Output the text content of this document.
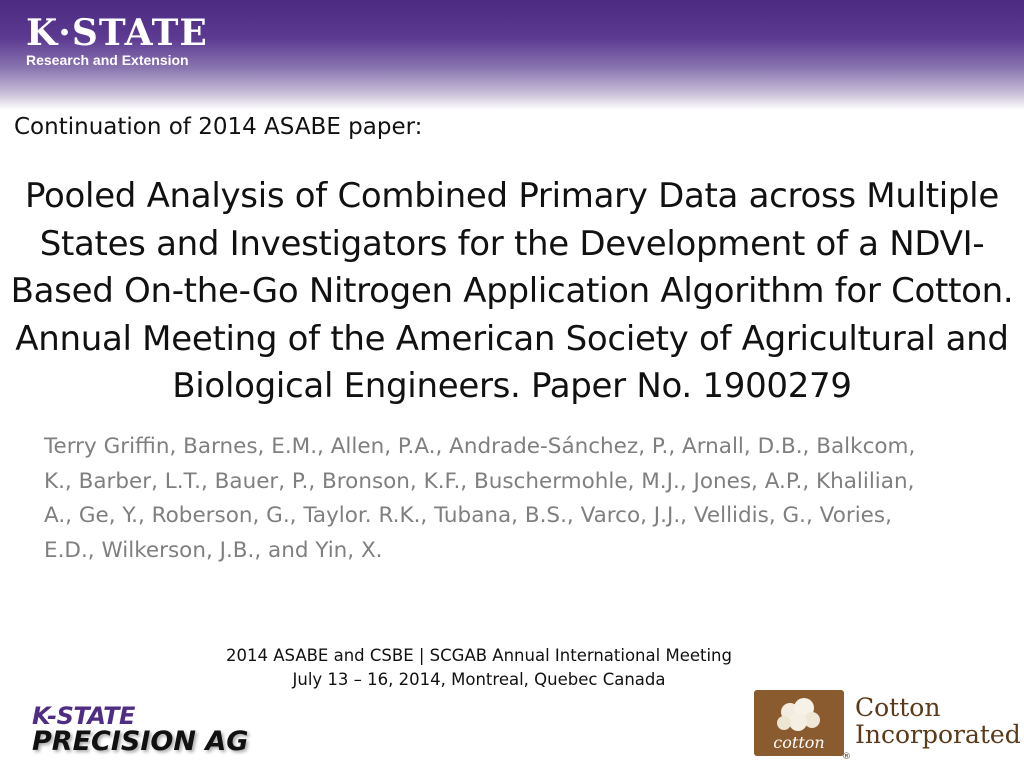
K·STATE
Research and Extension
Continuation of 2014 ASABE paper:
Pooled Analysis of Combined Primary Data across Multiple
States and Investigators for the Development of a NDVI-
Based On-the-Go Nitrogen Application Algorithm for Cotton.
Annual Meeting of the American Society of Agricultural and
Biological Engineers. Paper No. 1900279
Terry Griffin, Barnes, E.M., Allen, P.A., Andrade-Sánchez, P., Arnall, D.B., Balkcom,
K., Barber, L.T., Bauer, P., Bronson, K.F., Buschermohle, M.J., Jones, A.P., Khalilian,
A., Ge, Y., Roberson, G., Taylor. R.K., Tubana, B.S., Varco, J.J., Vellidis, G., Vories,
E.D., Wilkerson, J.B., and Yin, X.
2014 ASABE and CSBE | SCGAB Annual International Meeting
July 13 – 16, 2014, Montreal, Quebec Canada
K-STATE
PRECISION AG	cotton
Cotton
Incorporated
®
